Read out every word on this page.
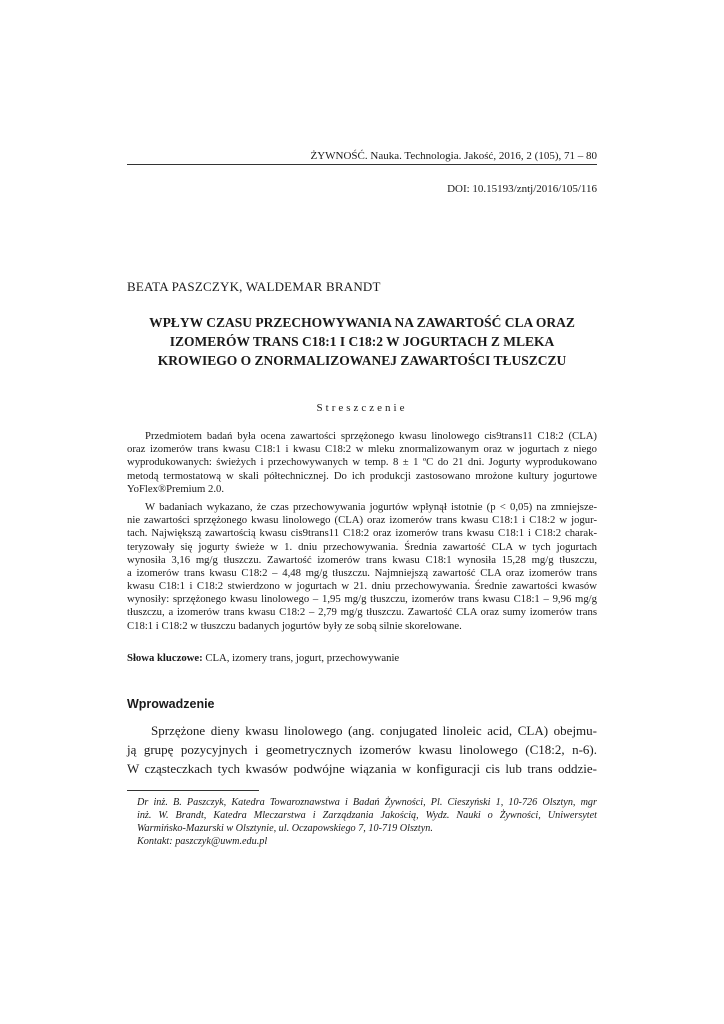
ŻYWNOŚĆ. Nauka. Technologia. Jakość, 2016, 2 (105), 71 – 80
DOI: 10.15193/zntj/2016/105/116
BEATA PASZCZYK, WALDEMAR BRANDT
WPŁYW CZASU PRZECHOWYWANIA NA ZAWARTOŚĆ CLA ORAZ
IZOMERÓW TRANS C18:1 I C18:2 W JOGURTACH Z MLEKA
KROWIEGO O ZNORMALIZOWANEJ ZAWARTOŚCI TŁUSZCZU
Streszczenie
Przedmiotem badań była ocena zawartości sprzężonego kwasu linolowego cis9trans11 C18:2 (CLA)
oraz izomerów trans kwasu C18:1 i kwasu C18:2 w mleku znormalizowanym oraz w jogurtach z niego
wyprodukowanych: świeżych i przechowywanych w temp. 8 ± 1 ºC do 21 dni. Jogurty wyprodukowano
metodą termostatową w skali półtechnicznej. Do ich produkcji zastosowano mrożone kultury jogurtowe
YoFlex®Premium 2.0.
W badaniach wykazano, że czas przechowywania jogurtów wpłynął istotnie (p < 0,05) na zmniejsze-
nie zawartości sprzężonego kwasu linolowego (CLA) oraz izomerów trans kwasu C18:1 i C18:2 w jogur-
tach. Największą zawartością kwasu cis9trans11 C18:2 oraz izomerów trans kwasu C18:1 i C18:2 charak-
teryzowały się jogurty świeże w 1. dniu przechowywania. Średnia zawartość CLA w tych jogurtach
wynosiła 3,16 mg/g tłuszczu. Zawartość izomerów trans kwasu C18:1 wynosiła 15,28 mg/g tłuszczu,
a izomerów trans kwasu C18:2 – 4,48 mg/g tłuszczu. Najmniejszą zawartość CLA oraz izomerów trans
kwasu C18:1 i C18:2 stwierdzono w jogurtach w 21. dniu przechowywania. Średnie zawartości kwasów
wynosiły: sprzężonego kwasu linolowego – 1,95 mg/g tłuszczu, izomerów trans kwasu C18:1 – 9,96 mg/g
tłuszczu, a izomerów trans kwasu C18:2 – 2,79 mg/g tłuszczu. Zawartość CLA oraz sumy izomerów trans
C18:1 i C18:2 w tłuszczu badanych jogurtów były ze sobą silnie skorelowane.
Słowa kluczowe: CLA, izomery trans, jogurt, przechowywanie
Wprowadzenie
Sprzężone dieny kwasu linolowego (ang. conjugated linoleic acid, CLA) obejmu-
ją grupę pozycyjnych i geometrycznych izomerów kwasu linolowego (C18:2, n-6).
W cząsteczkach tych kwasów podwójne wiązania w konfiguracji cis lub trans oddzie-
Dr inż. B. Paszczyk, Katedra Towaroznawstwa i Badań Żywności, Pl. Cieszyński 1, 10-726 Olsztyn, mgr
inż. W. Brandt, Katedra Mleczarstwa i Zarządzania Jakością, Wydz. Nauki o Żywności, Uniwersytet
Warmińsko-Mazurski w Olsztynie, ul. Oczapowskiego 7, 10-719 Olsztyn.
Kontakt: paszczyk@uwm.edu.pl
